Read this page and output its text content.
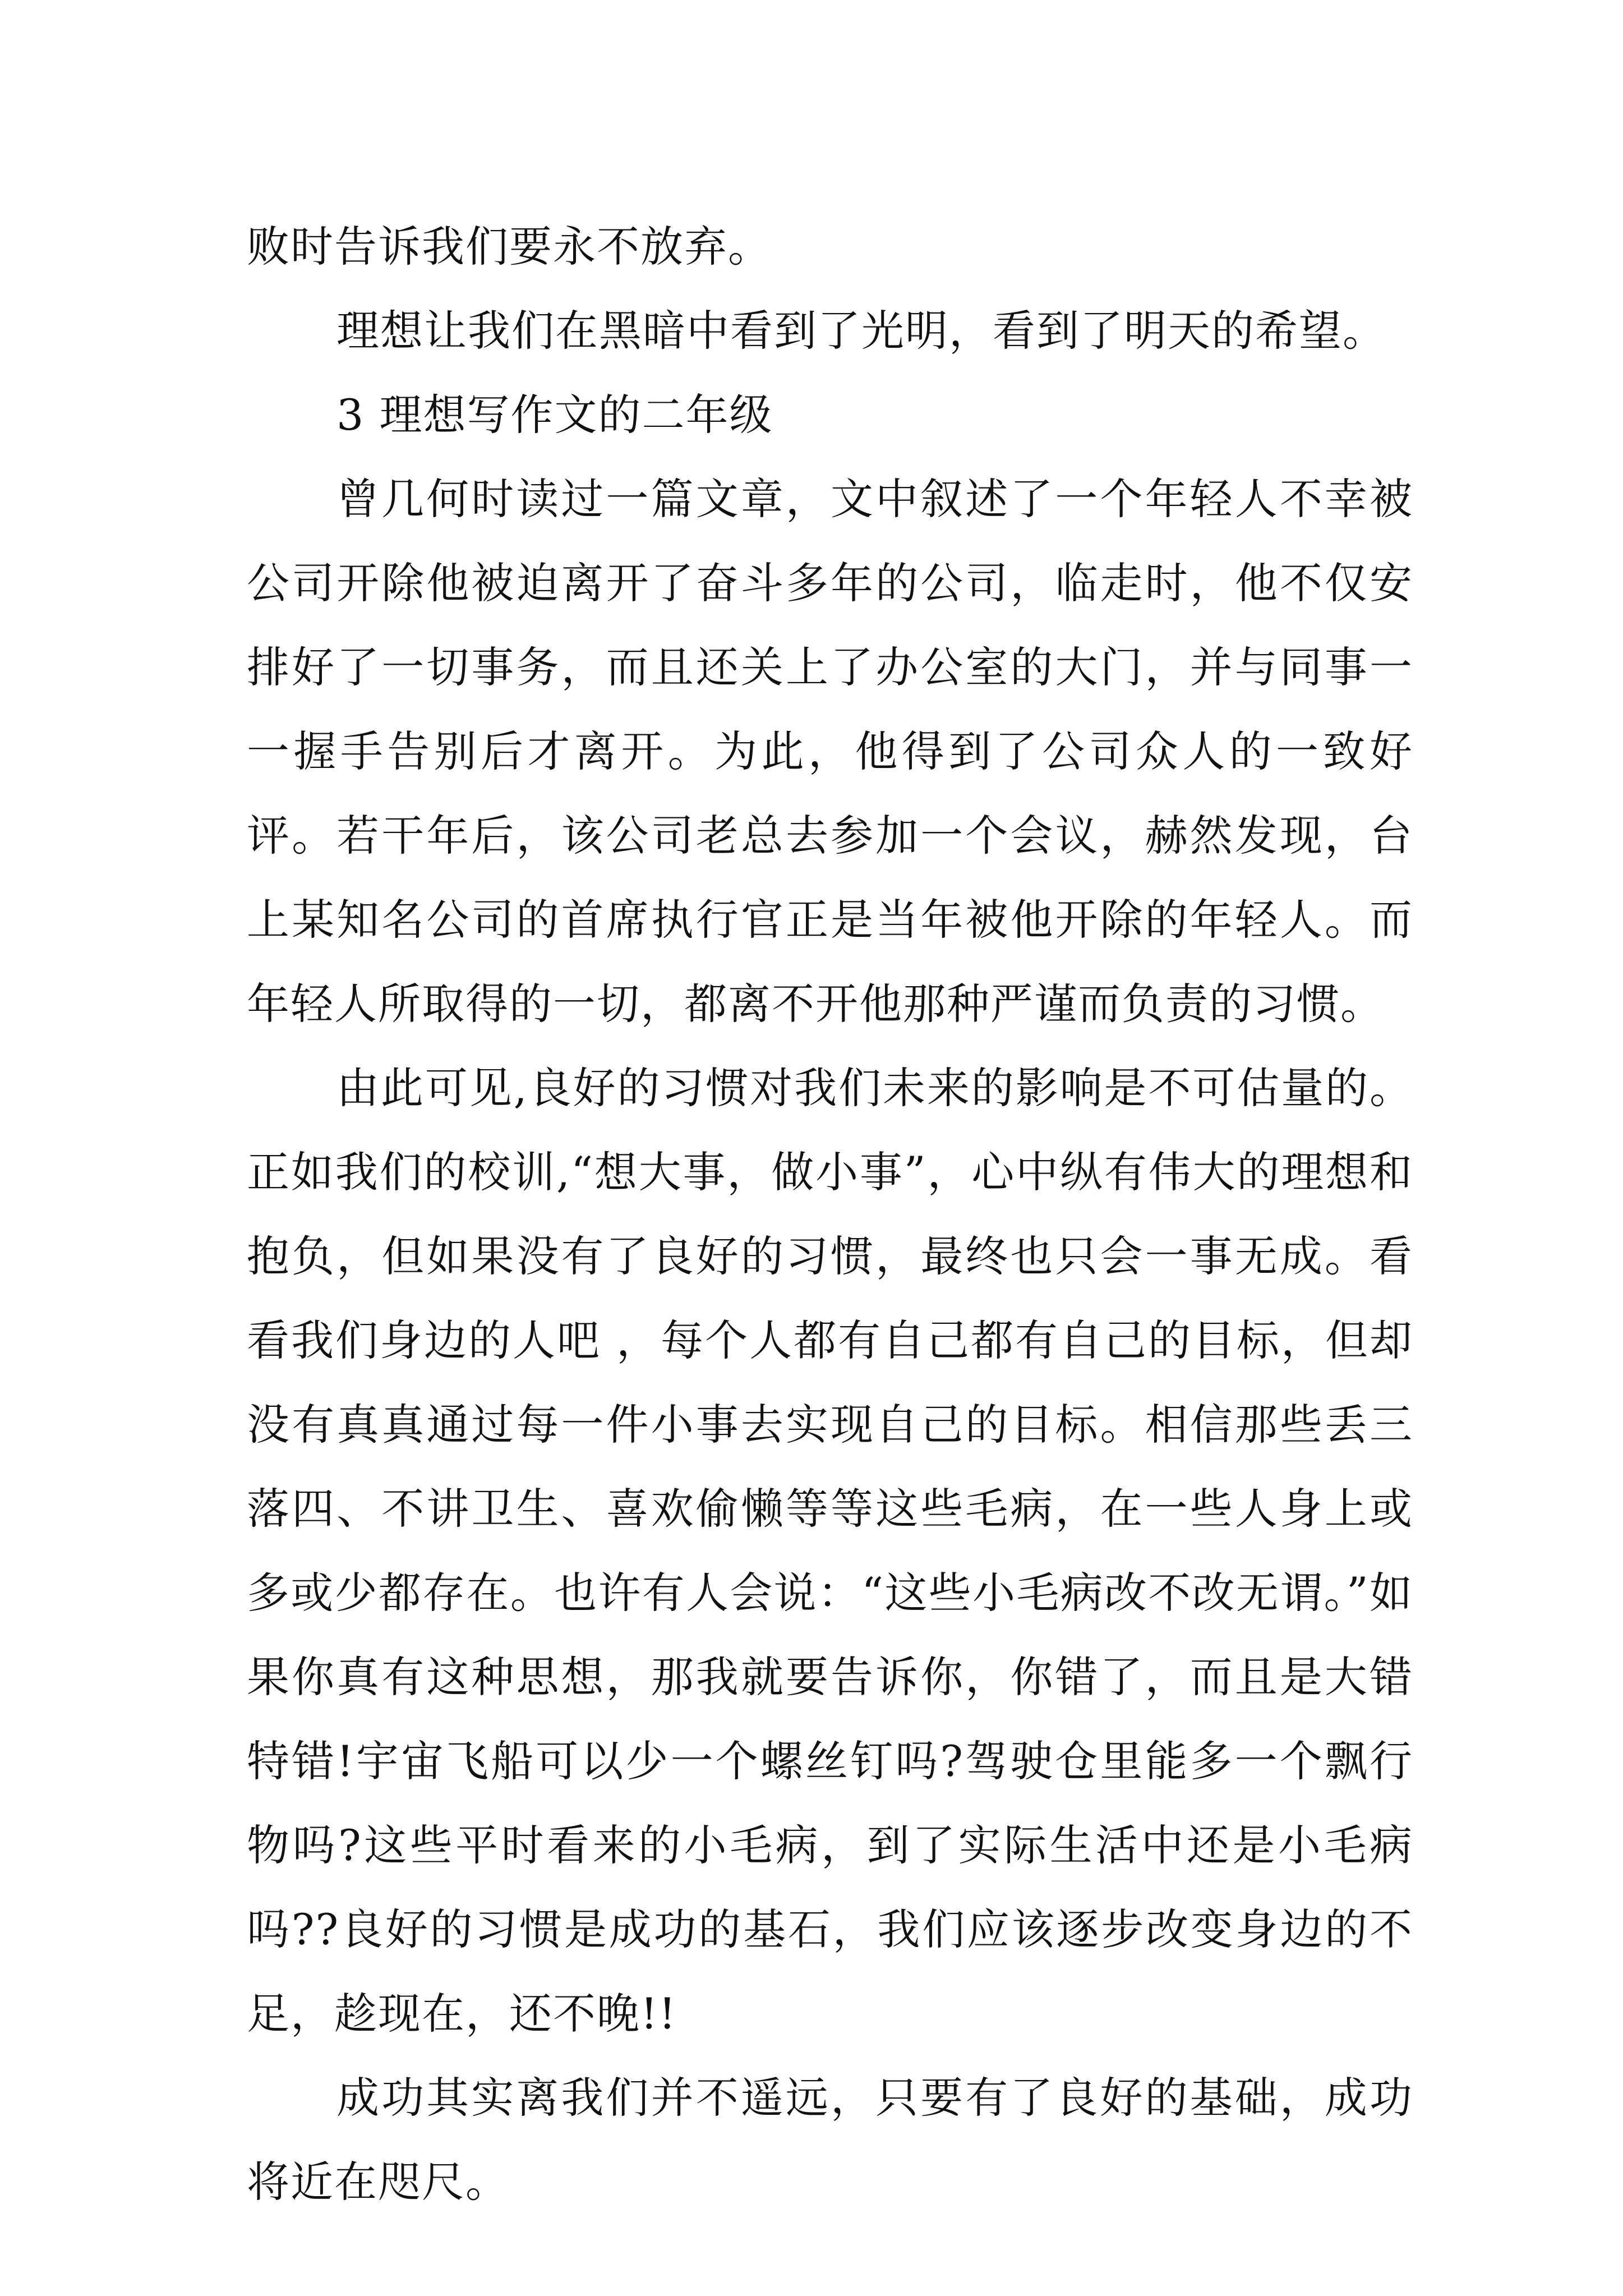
败时告诉我们要永不放弃。

理想让我们在黑暗中看到了光明，看到了明天的希望。

3 理想写作文的二年级

曾几何时读过一篇文章，文中叙述了一个年轻人不幸被公司开除他被迫离开了奋斗多年的公司，临走时，他不仅安排好了一切事务，而且还关上了办公室的大门，并与同事一一握手告别后才离开。为此，他得到了公司众人的一致好评。若干年后，该公司老总去参加一个会议，赫然发现，台上某知名公司的首席执行官正是当年被他开除的年轻人。而年轻人所取得的一切，都离不开他那种严谨而负责的习惯。

由此可见,良好的习惯对我们未来的影响是不可估量的。正如我们的校训,“想大事，做小事”，心中纵有伟大的理想和抱负，但如果没有了良好的习惯，最终也只会一事无成。看看我们身边的人吧 ，每个人都有自己都有自己的目标，但却没有真真通过每一件小事去实现自己的目标。相信那些丢三落四、不讲卫生、喜欢偷懒等等这些毛病，在一些人身上或多或少都存在。也许有人会说：“这些小毛病改不改无谓。”如果你真有这种思想，那我就要告诉你，你错了，而且是大错特错!宇宙飞船可以少一个螺丝钉吗?驾驶仓里能多一个飘行物吗?这些平时看来的小毛病，到了实际生活中还是小毛病吗??良好的习惯是成功的基石，我们应该逐步改变身边的不足，趁现在，还不晚!!

成功其实离我们并不遥远，只要有了良好的基础，成功将近在咫尺。
